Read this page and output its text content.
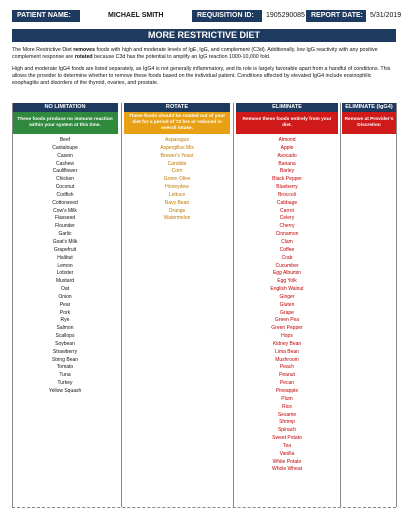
PATIENT NAME:	MICHAEL SMITH	REQUISITION ID:	1905290085 REPORT DATE:	5/31/2019
MORE RESTRICTIVE DIET

The More Restrictive Diet removes foods with high and moderate levels of IgE, IgG, and complement (C3d). Additionally, low IgG reactivity with any positive complement response are rotated because C3d has the potential to amplify an IgG reaction 1000-10,000 fold.

High and moderate IgG4 foods are listed separately, as IgG4 is not generally inflammatory, and its role is largely favorable apart from a handful of conditions. This allows the provider to determine whether to remove these foods based on the individual patient. Conditions affected by elevated IgG4 include eosinophilic esophagitis and disorders of the thyroid, ovaries, and prostate.

NO LIMITATION	ROTATE	ELIMINATE	ELIMINATE (IgG4)
These foods produce no immune reaction within your system at this time.
Beef
Cantaloupe
Casein
Cashew
Cauliflower
Chicken
Coconut
Codfish
Cottonseed
Cow's Milk
Flaxseed
Flounder
Garlic
Goat's Milk
Grapefruit
Halibut
Lemon
Lobster
Mustard
Oat
Onion
Pear
Pork
Rye
Salmon
Scallops
Soybean
Strawberry
String Bean
Tomato
Tuna
Turkey
Yellow Squash
These foods should be rotated out of your diet for a period of 72 hrs or reduced in overall intake.
Asparagus
Aspergillus Mix
Brewer's Yeast
Candida
Corn
Green Olive
Honeydew
Lettuce
Navy Bean
Orange
Watermelon
Remove these foods entirely from your diet.
Almond
Apple
Avocado
Banana
Barley
Black Pepper
Blueberry
Broccoli
Cabbage
Carrot
Celery
Cherry
Cinnamon
Clam
Coffee
Crab
Cucumber
Egg Albumin
Egg Yolk
English Walnut
Ginger
Gluten
Grape
Green Pea
Green Pepper
Hops
Kidney Bean
Lima Bean
Mushroom
Peach
Peanut
Pecan
Pineapple
Plum
Rice
Sesame
Shrimp
Spinach
Sweet Potato
Tea
Vanilla
White Potato
Whole Wheat
Remove at Provider's Discretion
